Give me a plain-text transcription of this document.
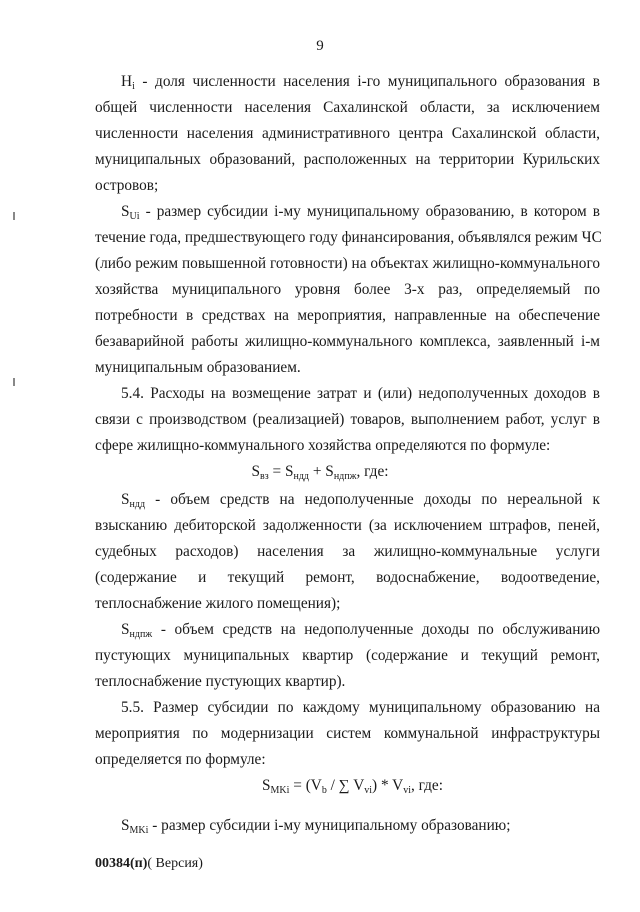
9
$H_i$ - доля численности населения i-го муниципального образования в
общей численности населения Сахалинской области, за исключением
численности населения административного центра Сахалинской области,
муниципальных образований, расположенных на территории Курильских
островов;
$S_{Ui}$ - размер субсидии i-му муниципальному образованию, в котором в
течение года, предшествующего году финансирования, объявлялся режим ЧС
(либо режим повышенной готовности) на объектах жилищно-коммунального
хозяйства муниципального уровня более 3-х раз, определяемый по
потребности в средствах на мероприятия, направленные на обеспечение
безаварийной работы жилищно-коммунального комплекса, заявленный i-м
муниципальным образованием.
5.4. Расходы на возмещение затрат и (или) недополученных доходов в
связи с производством (реализацией) товаров, выполнением работ, услуг в
сфере жилищно-коммунального хозяйства определяются по формуле:
$S_{вз} = S_{ндд} + S_{ндпж}$, где:
$S_{ндд}$ - объем средств на недополученные доходы по нереальной к
взысканию дебиторской задолженности (за исключением штрафов, пеней,
судебных расходов) населения за жилищно-коммунальные услуги
(содержание и текущий ремонт, водоснабжение, водоотведение,
теплоснабжение жилого помещения);
$S_{ндпж}$ - объем средств на недополученные доходы по обслуживанию
пустующих муниципальных квартир (содержание и текущий ремонт,
теплоснабжение пустующих квартир).
5.5. Размер субсидии по каждому муниципальному образованию на
мероприятия по модернизации систем коммунальной инфраструктуры
определяется по формуле:
$S_{MKi} = (V_b$ / ∑ $V_{vi}) * V_{vi}$, где:
$S_{MKi}$ - размер субсидии i-му муниципальному образованию;
00384(п)( Версия)
